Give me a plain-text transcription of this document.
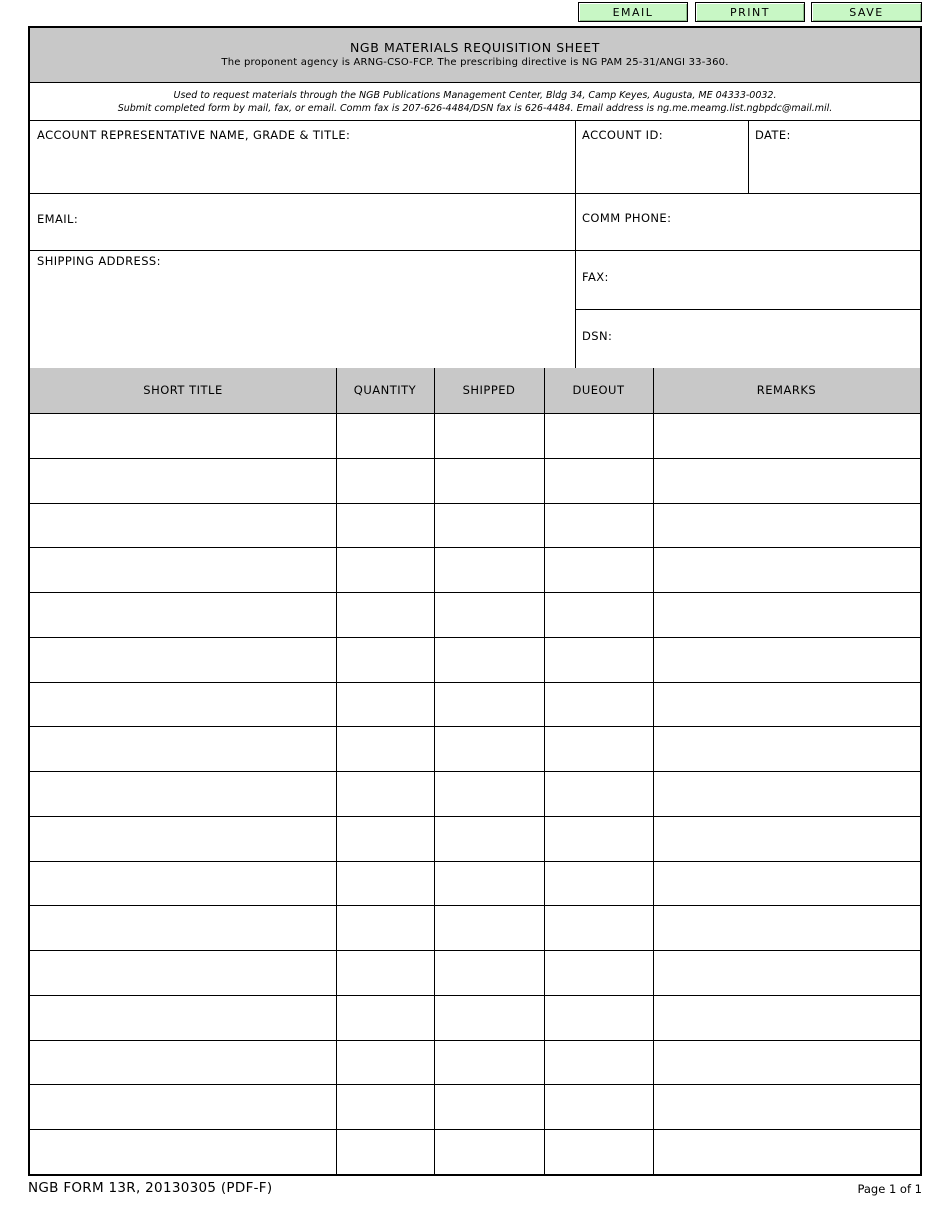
EMAIL	PRINT	SAVE
NGB MATERIALS REQUISITION SHEET
The proponent agency is ARNG-CSO-FCP. The prescribing directive is NG PAM 25-31/ANGI 33-360.
Used to request materials through the NGB Publications Management Center, Bldg 34, Camp Keyes, Augusta, ME 04333-0032.
Submit completed form by mail, fax, or email. Comm fax is 207-626-4484/DSN fax is 626-4484. Email address is ng.me.meamg.list.ngbpdc@mail.mil.
ACCOUNT REPRESENTATIVE NAME, GRADE & TITLE:	ACCOUNT ID:	DATE:
EMAIL:	COMM PHONE:
SHIPPING ADDRESS:
FAX:
DSN:
SHORT TITLE	QUANTITY	SHIPPED	DUEOUT	REMARKS
NGB FORM 13R, 20130305 (PDF-F)	Page 1 of 1
